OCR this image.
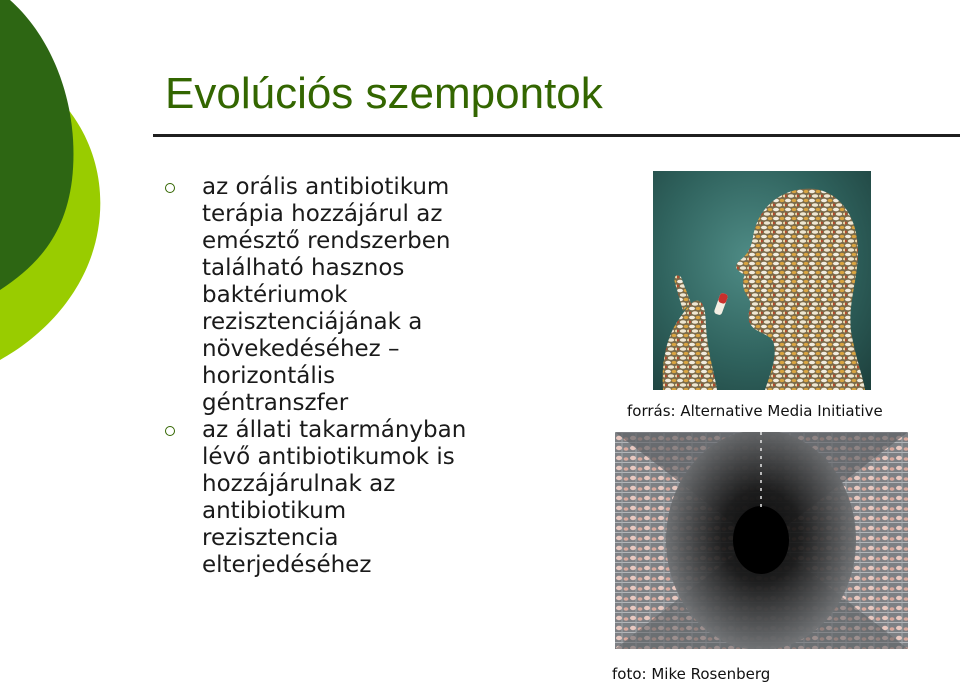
Evolúciós szempontok
az orális antibiotikum
terápia hozzájárul az
emésztő rendszerben
található hasznos
baktériumok
rezisztenciájának a
növekedéséhez –
horizontális
géntranszfer
az állati takarmányban
lévő antibiotikumok is
hozzájárulnak az
antibiotikum
rezisztencia
elterjedéséhez
forrás: Alternative Media Initiative
foto: Mike Rosenberg
